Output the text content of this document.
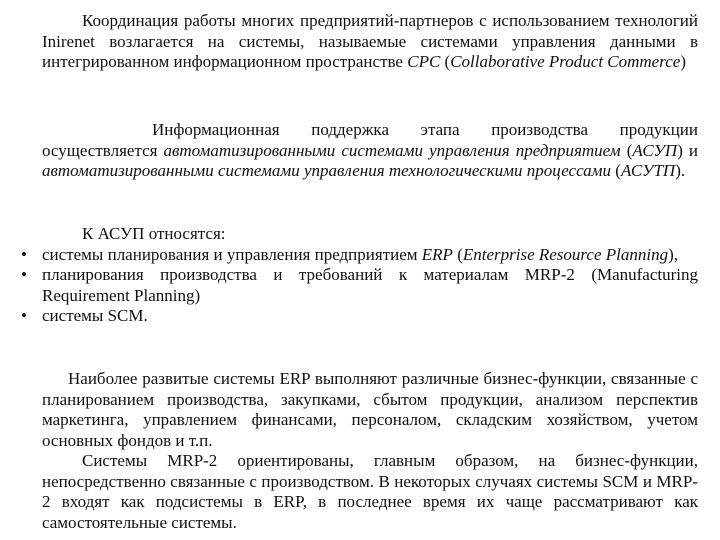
Координация работы многих предприятий-партнеров с использованием технологий Inirenet возлагается на системы, называемые системами управления данными в интегрированном информационном пространстве CPC (Collaborative Product Commerce)

Информационная поддержка этапа производства продукции осуществляется автоматизированными системами управления предприятием (АСУП) и автоматизированными системами управления технологическими процессами (АСУТП).

К АСУП относятся:
• системы планирования и управления предприятием ERP (Enterprise Resource Planning),
• планирования производства и требований к материалам MRP-2 (Manufacturing Requirement Planning)
• системы SCM.

Наиболее развитые системы ERP выполняют различные бизнес-функции, связанные с планированием производства, закупками, сбытом продукции, анализом перспектив маркетинга, управлением финансами, персоналом, складским хозяйством, учетом основных фондов и т.п.

Системы MRP-2 ориентированы, главным образом, на бизнес-функции, непосредственно связанные с производством. В некоторых случаях системы SCM и MRP-2 входят как подсистемы в ERP, в последнее время их чаще рассматривают как самостоятельные системы.
